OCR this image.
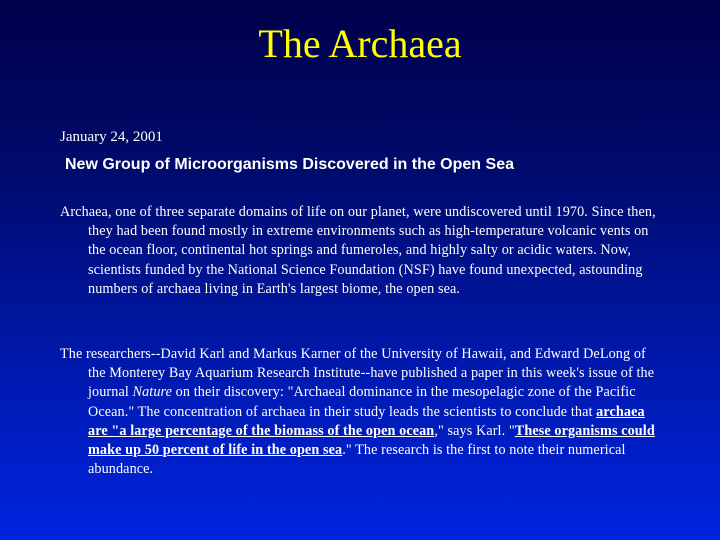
The Archaea
January 24, 2001
New Group of Microorganisms Discovered in the Open Sea

Archaea, one of three separate domains of life on our planet, were undiscovered until 1970. Since then, they had been found mostly in extreme environments such as high-temperature volcanic vents on the ocean floor, continental hot springs and fumeroles, and highly salty or acidic waters. Now, scientists funded by the National Science Foundation (NSF) have found unexpected, astounding numbers of archaea living in Earth's largest biome, the open sea.

The researchers--David Karl and Markus Karner of the University of Hawaii, and Edward DeLong of the Monterey Bay Aquarium Research Institute--have published a paper in this week's issue of the journal Nature on their discovery: "Archaeal dominance in the mesopelagic zone of the Pacific Ocean." The concentration of archaea in their study leads the scientists to conclude that archaea are "a large percentage of the biomass of the open ocean," says Karl. "These organisms could make up 50 percent of life in the open sea." The research is the first to note their numerical abundance.
